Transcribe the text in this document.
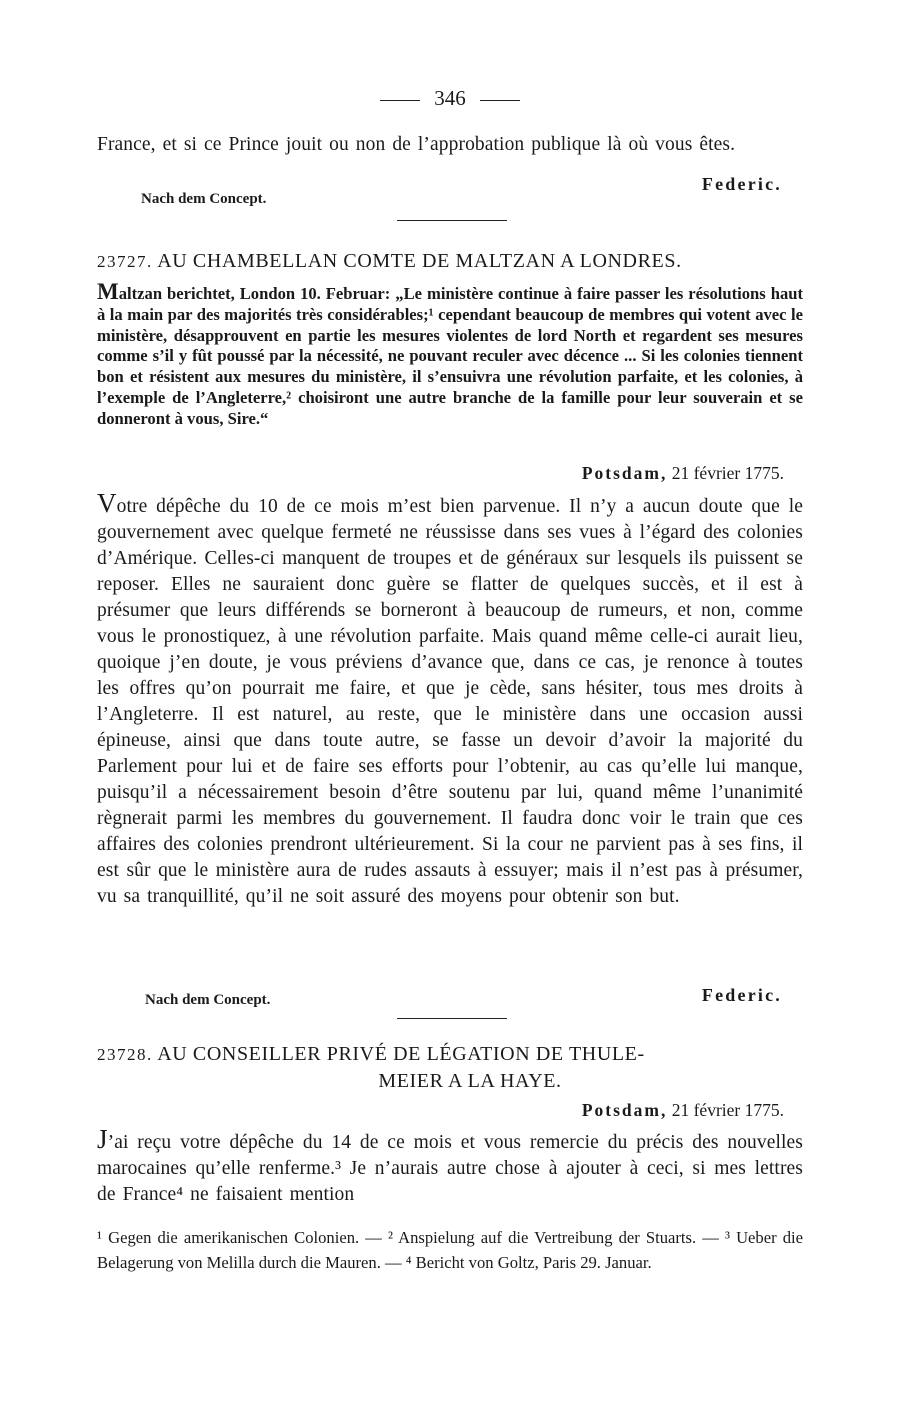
346

France, et si ce Prince jouit ou non de l’approbation publique là où vous êtes.

Nach dem Concept.
Federic.
23727. AU CHAMBELLAN COMTE DE MALTZAN A LONDRES.

Maltzan berichtet, London 10. Februar: „Le ministère continue à faire passer les résolutions haut à la main par des majorités très considérables;¹ cependant beaucoup de membres qui votent avec le ministère, désapprouvent en partie les mesures violentes de lord North et regardent ses mesures comme s’il y fût poussé par la nécessité, ne pouvant reculer avec décence ... Si les colonies tiennent bon et résistent aux mesures du ministère, il s’ensuivra une révolution parfaite, et les colonies, à l’exemple de l’Angleterre,² choisiront une autre branche de la famille pour leur souverain et se donneront à vous, Sire.“

Potsdam, 21 février 1775.

Votre dépêche du 10 de ce mois m’est bien parvenue. Il n’y a aucun doute que le gouvernement avec quelque fermeté ne réussisse dans ses vues à l’égard des colonies d’Amérique. Celles-ci manquent de troupes et de généraux sur lesquels ils puissent se reposer. Elles ne sauraient donc guère se flatter de quelques succès, et il est à présumer que leurs différends se borneront à beaucoup de rumeurs, et non, comme vous le pronostiquez, à une révolution parfaite. Mais quand même celle-ci aurait lieu, quoique j’en doute, je vous préviens d’avance que, dans ce cas, je renonce à toutes les offres qu’on pourrait me faire, et que je cède, sans hésiter, tous mes droits à l’Angleterre. Il est naturel, au reste, que le ministère dans une occasion aussi épineuse, ainsi que dans toute autre, se fasse un devoir d’avoir la majorité du Parlement pour lui et de faire ses efforts pour l’obtenir, au cas qu’elle lui manque, puisqu’il a nécessairement besoin d’être soutenu par lui, quand même l’unanimité règnerait parmi les membres du gouvernement. Il faudra donc voir le train que ces affaires des colonies prendront ultérieurement. Si la cour ne parvient pas à ses fins, il est sûr que le ministère aura de rudes assauts à essuyer; mais il n’est pas à présumer, vu sa tranquillité, qu’il ne soit assuré des moyens pour obtenir son but.

Nach dem Concept.	Federic.
23728. AU CONSEILLER PRIVÉ DE LÉGATION DE THULE-
MEIER A LA HAYE.
Potsdam, 21 février 1775.

J’ai reçu votre dépêche du 14 de ce mois et vous remercie du précis des nouvelles marocaines qu’elle renferme.³ Je n’aurais autre chose à ajouter à ceci, si mes lettres de France⁴ ne faisaient mention

¹ Gegen die amerikanischen Colonien. — ² Anspielung auf die Vertreibung der Stuarts. — ³ Ueber die Belagerung von Melilla durch die Mauren. — ⁴ Bericht von Goltz, Paris 29. Januar.
